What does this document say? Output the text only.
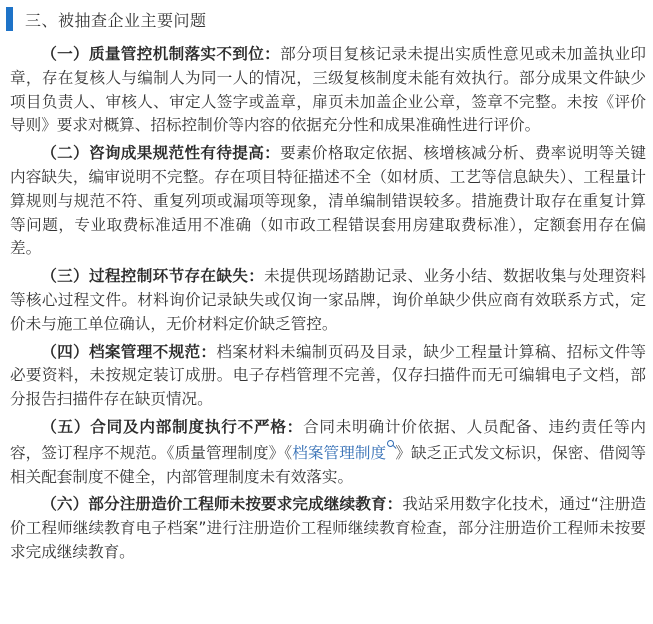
三、被抽查企业主要问题

（一）质量管控机制落实不到位：部分项目复核记录未提出实质性意见或未加盖执业印章，存在复核人与编制人为同一人的情况，三级复核制度未能有效执行。部分成果文件缺少项目负责人、审核人、审定人签字或盖章，扉页未加盖企业公章，签章不完整。未按《评价导则》要求对概算、招标控制价等内容的依据充分性和成果准确性进行评价。

（二）咨询成果规范性有待提高：要素价格取定依据、核增核减分析、费率说明等关键内容缺失，编审说明不完整。存在项目特征描述不全（如材质、工艺等信息缺失）、工程量计算规则与规范不符、重复列项或漏项等现象，清单编制错误较多。措施费计取存在重复计算等问题，专业取费标准适用不准确（如市政工程错误套用房建取费标准），定额套用存在偏差。

（三）过程控制环节存在缺失：未提供现场踏勘记录、业务小结、数据收集与处理资料等核心过程文件。材料询价记录缺失或仅询一家品牌，询价单缺少供应商有效联系方式，定价未与施工单位确认，无价材料定价缺乏管控。

（四）档案管理不规范：档案材料未编制页码及目录，缺少工程量计算稿、招标文件等必要资料，未按规定装订成册。电子存档管理不完善，仅存扫描件而无可编辑电子文档，部分报告扫描件存在缺页情况。

（五）合同及内部制度执行不严格：合同未明确计价依据、人员配备、违约责任等内容，签订程序不规范。《质量管理制度》《档案管理制度 》缺乏正式发文标识，保密、借阅等相关配套制度不健全，内部管理制度未有效落实。

（六）部分注册造价工程师未按要求完成继续教育：我站采用数字化技术，通过“注册造价工程师继续教育电子档案”进行注册造价工程师继续教育检查，部分注册造价工程师未按要求完成继续教育。
